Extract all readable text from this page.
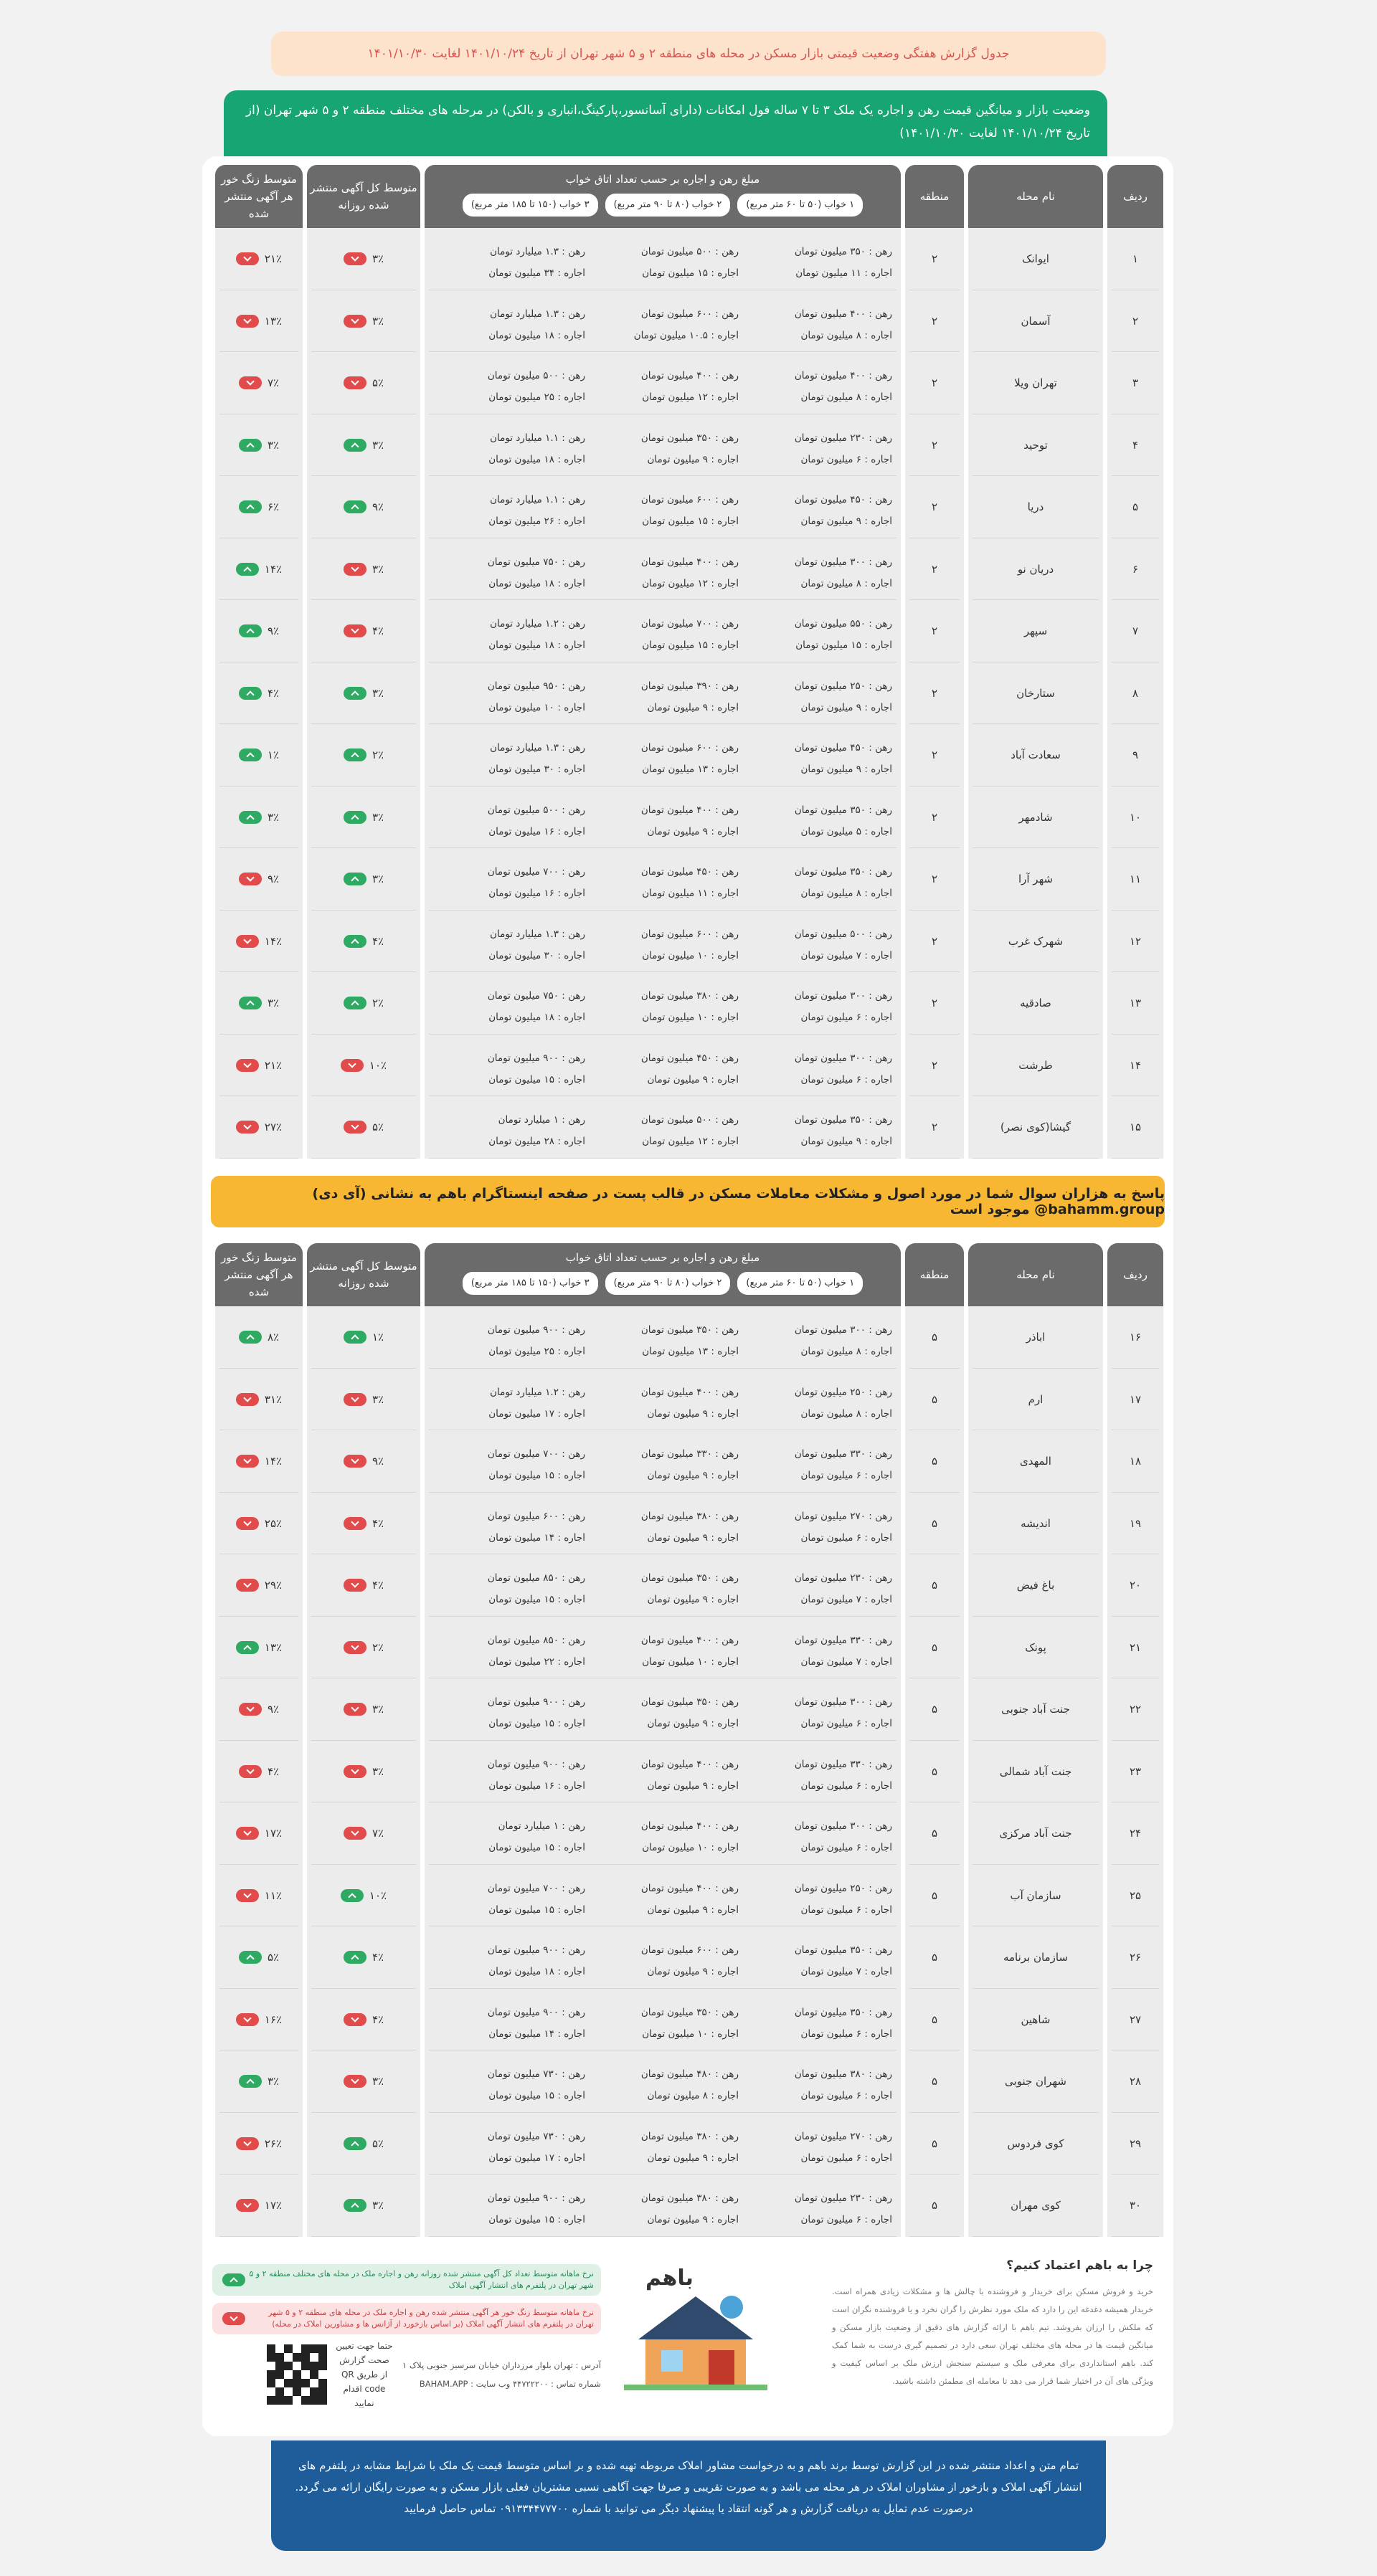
جدول گزارش هفتگی وضعیت قیمتی بازار مسکن در محله های منطقه ۲ و ۵ شهر تهران از تاریخ ۱۴۰۱/۱۰/۲۴ لغایت ۱۴۰۱/۱۰/۳۰
وضعیت بازار و میانگین قیمت رهن و اجاره یک ملک ۳ تا ۷ ساله فول امکانات (دارای آسانسور،پارکینگ،انباری و بالکن) در مرحله های مختلف منطقه ۲ و ۵ شهر تهران (از تاریخ ۱۴۰۱/۱۰/۲۴ لغایت ۱۴۰۱/۱۰/۳۰)
ردیف
نام محله
منطقه
مبلغ رهن و اجاره بر حسب تعداد اتاق خواب
۱ خواب (۵۰ تا ۶۰ متر مربع)
۲ خواب (۸۰ تا ۹۰ متر مربع)
۳ خواب (۱۵۰ تا ۱۸۵ متر مربع)
متوسط کل آگهی منتشر شده روزانه
متوسط زنگ خور هر آگهی منتشر شده
۱
ایوانک
۲
رهن : ۳۵۰ میلیون تومان
اجاره : ۱۱ میلیون تومان
رهن : ۵۰۰ میلیون تومان
اجاره : ۱۵ میلیون تومان
رهن : ۱.۳ میلیارد تومان
اجاره : ۳۴ میلیون تومان
۳٪
۲۱٪
۲
آسمان
۲
رهن : ۴۰۰ میلیون تومان
اجاره : ۸ میلیون تومان
رهن : ۶۰۰ میلیون تومان
اجاره : ۱۰.۵ میلیون تومان
رهن : ۱.۳ میلیارد تومان
اجاره : ۱۸ میلیون تومان
۳٪
۱۳٪
۳
تهران ویلا
۲
رهن : ۴۰۰ میلیون تومان
اجاره : ۸ میلیون تومان
رهن : ۴۰۰ میلیون تومان
اجاره : ۱۲ میلیون تومان
رهن : ۵۰۰ میلیون تومان
اجاره : ۲۵ میلیون تومان
۵٪
۷٪
۴
توحید
۲
رهن : ۲۳۰ میلیون تومان
اجاره : ۶ میلیون تومان
رهن : ۳۵۰ میلیون تومان
اجاره : ۹ میلیون تومان
رهن : ۱.۱ میلیارد تومان
اجاره : ۱۸ میلیون تومان
۳٪
۳٪
۵
دریا
۲
رهن : ۴۵۰ میلیون تومان
اجاره : ۹ میلیون تومان
رهن : ۶۰۰ میلیون تومان
اجاره : ۱۵ میلیون تومان
رهن : ۱.۱ میلیارد تومان
اجاره : ۲۶ میلیون تومان
۹٪
۶٪
۶
دریان نو
۲
رهن : ۳۰۰ میلیون تومان
اجاره : ۸ میلیون تومان
رهن : ۴۰۰ میلیون تومان
اجاره : ۱۲ میلیون تومان
رهن : ۷۵۰ میلیون تومان
اجاره : ۱۸ میلیون تومان
۳٪
۱۴٪
۷
سپهر
۲
رهن : ۵۵۰ میلیون تومان
اجاره : ۱۵ میلیون تومان
رهن : ۷۰۰ میلیون تومان
اجاره : ۱۵ میلیون تومان
رهن : ۱.۲ میلیارد تومان
اجاره : ۱۸ میلیون تومان
۴٪
۹٪
۸
ستارخان
۲
رهن : ۲۵۰ میلیون تومان
اجاره : ۹ میلیون تومان
رهن : ۳۹۰ میلیون تومان
اجاره : ۹ میلیون تومان
رهن : ۹۵۰ میلیون تومان
اجاره : ۱۰ میلیون تومان
۳٪
۴٪
۹
سعادت آباد
۲
رهن : ۴۵۰ میلیون تومان
اجاره : ۹ میلیون تومان
رهن : ۶۰۰ میلیون تومان
اجاره : ۱۳ میلیون تومان
رهن : ۱.۳ میلیارد تومان
اجاره : ۳۰ میلیون تومان
۲٪
۱٪
۱۰
شادمهر
۲
رهن : ۳۵۰ میلیون تومان
اجاره : ۵ میلیون تومان
رهن : ۴۰۰ میلیون تومان
اجاره : ۹ میلیون تومان
رهن : ۵۰۰ میلیون تومان
اجاره : ۱۶ میلیون تومان
۳٪
۳٪
۱۱
شهر آرا
۲
رهن : ۳۵۰ میلیون تومان
اجاره : ۸ میلیون تومان
رهن : ۴۵۰ میلیون تومان
اجاره : ۱۱ میلیون تومان
رهن : ۷۰۰ میلیون تومان
اجاره : ۱۶ میلیون تومان
۳٪
۹٪
۱۲
شهرک غرب
۲
رهن : ۵۰۰ میلیون تومان
اجاره : ۷ میلیون تومان
رهن : ۶۰۰ میلیون تومان
اجاره : ۱۰ میلیون تومان
رهن : ۱.۳ میلیارد تومان
اجاره : ۳۰ میلیون تومان
۴٪
۱۴٪
۱۳
صادقیه
۲
رهن : ۳۰۰ میلیون تومان
اجاره : ۶ میلیون تومان
رهن : ۳۸۰ میلیون تومان
اجاره : ۱۰ میلیون تومان
رهن : ۷۵۰ میلیون تومان
اجاره : ۱۸ میلیون تومان
۲٪
۳٪
۱۴
طرشت
۲
رهن : ۳۰۰ میلیون تومان
اجاره : ۶ میلیون تومان
رهن : ۴۵۰ میلیون تومان
اجاره : ۹ میلیون تومان
رهن : ۹۰۰ میلیون تومان
اجاره : ۱۵ میلیون تومان
۱۰٪
۲۱٪
۱۵
گیشا(کوی نصر)
۲
رهن : ۳۵۰ میلیون تومان
اجاره : ۹ میلیون تومان
رهن : ۵۰۰ میلیون تومان
اجاره : ۱۲ میلیون تومان
رهن : ۱ میلیارد تومان
اجاره : ۲۸ میلیون تومان
۵٪
۲۷٪
پاسخ به هزاران سوال شما در مورد اصول و مشکلات معاملات مسکن در قالب پست در صفحه اینستاگرام باهم به نشانی (آی دی) bahamm.group@ موجود است
ردیف
نام محله
منطقه
مبلغ رهن و اجاره بر حسب تعداد اتاق خواب
۱ خواب (۵۰ تا ۶۰ متر مربع)
۲ خواب (۸۰ تا ۹۰ متر مربع)
۳ خواب (۱۵۰ تا ۱۸۵ متر مربع)
متوسط کل آگهی منتشر شده روزانه
متوسط زنگ خور هر آگهی منتشر شده
۱۶
اباذر
۵
رهن : ۳۰۰ میلیون تومان
اجاره : ۸ میلیون تومان
رهن : ۳۵۰ میلیون تومان
اجاره : ۱۳ میلیون تومان
رهن : ۹۰۰ میلیون تومان
اجاره : ۲۵ میلیون تومان
۱٪
۸٪
۱۷
ارم
۵
رهن : ۲۵۰ میلیون تومان
اجاره : ۸ میلیون تومان
رهن : ۴۰۰ میلیون تومان
اجاره : ۹ میلیون تومان
رهن : ۱.۲ میلیارد تومان
اجاره : ۱۷ میلیون تومان
۳٪
۳۱٪
۱۸
المهدی
۵
رهن : ۳۳۰ میلیون تومان
اجاره : ۶ میلیون تومان
رهن : ۳۳۰ میلیون تومان
اجاره : ۹ میلیون تومان
رهن : ۷۰۰ میلیون تومان
اجاره : ۱۵ میلیون تومان
۹٪
۱۴٪
۱۹
اندیشه
۵
رهن : ۲۷۰ میلیون تومان
اجاره : ۶ میلیون تومان
رهن : ۳۸۰ میلیون تومان
اجاره : ۹ میلیون تومان
رهن : ۶۰۰ میلیون تومان
اجاره : ۱۴ میلیون تومان
۴٪
۲۵٪
۲۰
باغ فیض
۵
رهن : ۲۳۰ میلیون تومان
اجاره : ۷ میلیون تومان
رهن : ۳۵۰ میلیون تومان
اجاره : ۹ میلیون تومان
رهن : ۸۵۰ میلیون تومان
اجاره : ۱۵ میلیون تومان
۴٪
۲۹٪
۲۱
پونک
۵
رهن : ۳۳۰ میلیون تومان
اجاره : ۷ میلیون تومان
رهن : ۴۰۰ میلیون تومان
اجاره : ۱۰ میلیون تومان
رهن : ۸۵۰ میلیون تومان
اجاره : ۲۲ میلیون تومان
۲٪
۱۳٪
۲۲
جنت آباد جنوبی
۵
رهن : ۳۰۰ میلیون تومان
اجاره : ۶ میلیون تومان
رهن : ۳۵۰ میلیون تومان
اجاره : ۹ میلیون تومان
رهن : ۹۰۰ میلیون تومان
اجاره : ۱۵ میلیون تومان
۳٪
۹٪
۲۳
جنت آباد شمالی
۵
رهن : ۳۳۰ میلیون تومان
اجاره : ۶ میلیون تومان
رهن : ۴۰۰ میلیون تومان
اجاره : ۹ میلیون تومان
رهن : ۹۰۰ میلیون تومان
اجاره : ۱۶ میلیون تومان
۳٪
۴٪
۲۴
جنت آباد مرکزی
۵
رهن : ۳۰۰ میلیون تومان
اجاره : ۶ میلیون تومان
رهن : ۴۰۰ میلیون تومان
اجاره : ۱۰ میلیون تومان
رهن : ۱ میلیارد تومان
اجاره : ۱۵ میلیون تومان
۷٪
۱۷٪
۲۵
سازمان آب
۵
رهن : ۲۵۰ میلیون تومان
اجاره : ۶ میلیون تومان
رهن : ۴۰۰ میلیون تومان
اجاره : ۹ میلیون تومان
رهن : ۷۰۰ میلیون تومان
اجاره : ۱۵ میلیون تومان
۱۰٪
۱۱٪
۲۶
سازمان برنامه
۵
رهن : ۳۵۰ میلیون تومان
اجاره : ۷ میلیون تومان
رهن : ۶۰۰ میلیون تومان
اجاره : ۹ میلیون تومان
رهن : ۹۰۰ میلیون تومان
اجاره : ۱۸ میلیون تومان
۴٪
۵٪
۲۷
شاهین
۵
رهن : ۳۵۰ میلیون تومان
اجاره : ۶ میلیون تومان
رهن : ۳۵۰ میلیون تومان
اجاره : ۱۰ میلیون تومان
رهن : ۹۰۰ میلیون تومان
اجاره : ۱۴ میلیون تومان
۴٪
۱۶٪
۲۸
شهران جنوبی
۵
رهن : ۳۸۰ میلیون تومان
اجاره : ۶ میلیون تومان
رهن : ۴۸۰ میلیون تومان
اجاره : ۸ میلیون تومان
رهن : ۷۳۰ میلیون تومان
اجاره : ۱۵ میلیون تومان
۳٪
۳٪
۲۹
کوی فردوس
۵
رهن : ۲۷۰ میلیون تومان
اجاره : ۶ میلیون تومان
رهن : ۳۸۰ میلیون تومان
اجاره : ۹ میلیون تومان
رهن : ۷۳۰ میلیون تومان
اجاره : ۱۷ میلیون تومان
۵٪
۲۶٪
۳۰
کوی مهران
۵
رهن : ۲۳۰ میلیون تومان
اجاره : ۶ میلیون تومان
رهن : ۳۸۰ میلیون تومان
اجاره : ۹ میلیون تومان
رهن : ۹۰۰ میلیون تومان
اجاره : ۱۵ میلیون تومان
۳٪
۱۷٪
چرا به باهم اعتماد کنیم؟
خرید و فروش مسکن برای خریدار و فروشنده با چالش ها و مشکلات زیادی همراه است. خریدار همیشه دغدغه این را دارد که ملک مورد نظرش را گران نخرد و یا فروشنده نگران است که ملکش را ارزان بفروشد. تیم باهم با ارائه گزارش های دقیق از وضعیت بازار مسکن و میانگین قیمت ها در محله های مختلف تهران سعی دارد در تصمیم گیری درست به شما کمک کند. باهم استانداردی برای معرفی ملک و سیستم سنجش ارزش ملک بر اساس کیفیت و ویژگی های آن در اختیار شما قرار می دهد تا معامله ای مطمئن داشته باشید.
باهم
نرخ ماهانه متوسط تعداد کل آگهی منتشر شده روزانه رهن و اجاره ملک در محله های مختلف منطقه ۲ و ۵ شهر تهران در پلتفرم های انتشار آگهی املاک
نرخ ماهانه متوسط زنگ خور هر آگهی منتشر شده رهن و اجاره ملک در محله های منطقه ۲ و ۵ شهر تهران در پلتفرم های انتشار آگهی املاک (بر اساس بازخورد از آژانس ها و مشاورین املاک در محله)
آدرس : تهران بلوار مرزداران خیابان سرسبز جنوبی پلاک ۱
شماره تماس : ۴۴۷۲۲۲۰۰ وب سایت : BAHAM.APP
حتما جهت تعیین صحت گزارش از طریق QR code اقدام نمایید
تمام متن و اعداد منتشر شده در این گزارش توسط برند باهم و به درخواست مشاور املاک مربوطه تهیه شده و بر اساس متوسط قیمت یک ملک با شرایط مشابه در پلتفرم های انتشار آگهی املاک و بازخور از مشاوران املاک در هر محله می باشد و به صورت تقریبی و صرفا جهت آگاهی نسبی مشتریان فعلی بازار مسکن و به صورت رایگان ارائه می گردد. درصورت عدم تمایل به دریافت گزارش و هر گونه انتقاد یا پیشنهاد دیگر می توانید با شماره ۰۹۱۳۳۴۴۷۷۷۰۰ تماس حاصل فرمایید
